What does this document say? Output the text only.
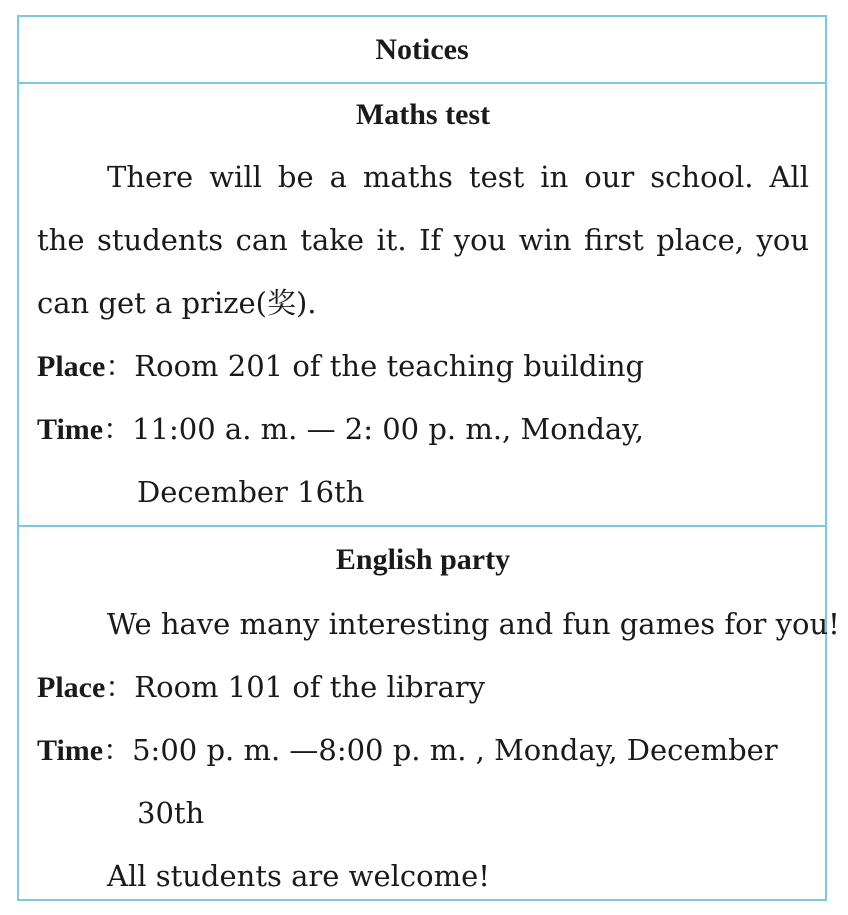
Notices
Maths test
There will be a maths test in our school. All
the students can take it. If you win first place, you
can get a prize(奖).
Place：Room 201 of the teaching building
Time：11:00 a. m. — 2: 00 p. m., Monday,
December 16th
English party
We have many interesting and fun games for you!
Place：Room 101 of the library
Time：5:00 p. m. —8:00 p. m. , Monday, December
30th
All students are welcome!
